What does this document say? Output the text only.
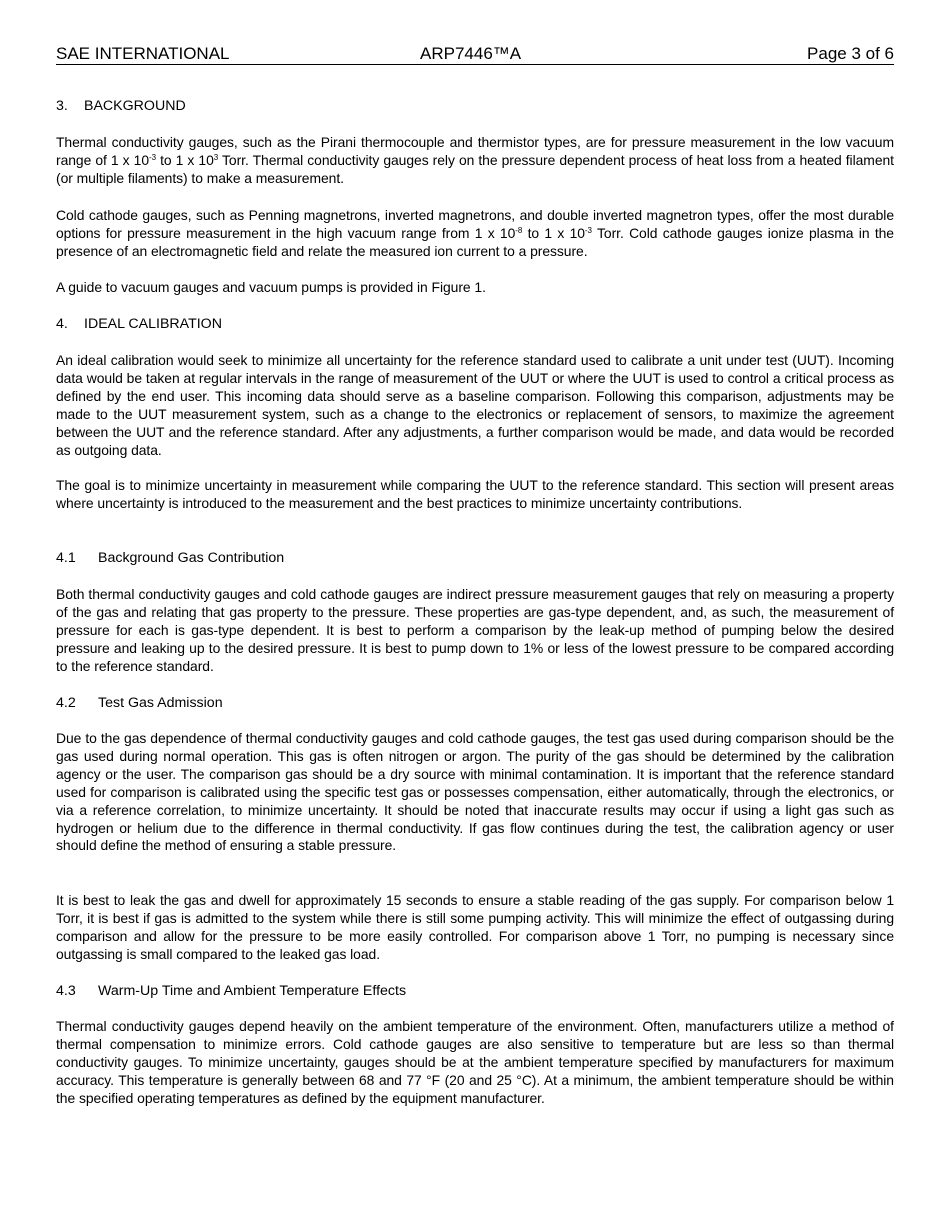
SAE INTERNATIONAL	ARP7446™A	Page 3 of 6
3. BACKGROUND

Thermal conductivity gauges, such as the Pirani thermocouple and thermistor types, are for pressure measurement in the low vacuum range of 1 x $10^{-3}$ to 1 x $10^3$ Torr. Thermal conductivity gauges rely on the pressure dependent process of heat loss from a heated filament (or multiple filaments) to make a measurement.

Cold cathode gauges, such as Penning magnetrons, inverted magnetrons, and double inverted magnetron types, offer the most durable options for pressure measurement in the high vacuum range from 1 x $10^{-8}$ to 1 x $10^{-3}$ Torr. Cold cathode gauges ionize plasma in the presence of an electromagnetic field and relate the measured ion current to a pressure.

A guide to vacuum gauges and vacuum pumps is provided in Figure 1.

4. IDEAL CALIBRATION

An ideal calibration would seek to minimize all uncertainty for the reference standard used to calibrate a unit under test (UUT). Incoming data would be taken at regular intervals in the range of measurement of the UUT or where the UUT is used to control a critical process as defined by the end user. This incoming data should serve as a baseline comparison. Following this comparison, adjustments may be made to the UUT measurement system, such as a change to the electronics or replacement of sensors, to maximize the agreement between the UUT and the reference standard. After any adjustments, a further comparison would be made, and data would be recorded as outgoing data.

The goal is to minimize uncertainty in measurement while comparing the UUT to the reference standard. This section will present areas where uncertainty is introduced to the measurement and the best practices to minimize uncertainty contributions.

4.1 Background Gas Contribution

Both thermal conductivity gauges and cold cathode gauges are indirect pressure measurement gauges that rely on measuring a property of the gas and relating that gas property to the pressure. These properties are gas-type dependent, and, as such, the measurement of pressure for each is gas-type dependent. It is best to perform a comparison by the leak-up method of pumping below the desired pressure and leaking up to the desired pressure. It is best to pump down to 1% or less of the lowest pressure to be compared according to the reference standard.

4.2 Test Gas Admission

Due to the gas dependence of thermal conductivity gauges and cold cathode gauges, the test gas used during comparison should be the gas used during normal operation. This gas is often nitrogen or argon. The purity of the gas should be determined by the calibration agency or the user. The comparison gas should be a dry source with minimal contamination. It is important that the reference standard used for comparison is calibrated using the specific test gas or possesses compensation, either automatically, through the electronics, or via a reference correlation, to minimize uncertainty. It should be noted that inaccurate results may occur if using a light gas such as hydrogen or helium due to the difference in thermal conductivity. If gas flow continues during the test, the calibration agency or user should define the method of ensuring a stable pressure.

It is best to leak the gas and dwell for approximately 15 seconds to ensure a stable reading of the gas supply. For comparison below 1 Torr, it is best if gas is admitted to the system while there is still some pumping activity. This will minimize the effect of outgassing during comparison and allow for the pressure to be more easily controlled. For comparison above 1 Torr, no pumping is necessary since outgassing is small compared to the leaked gas load.

4.3 Warm-Up Time and Ambient Temperature Effects

Thermal conductivity gauges depend heavily on the ambient temperature of the environment. Often, manufacturers utilize a method of thermal compensation to minimize errors. Cold cathode gauges are also sensitive to temperature but are less so than thermal conductivity gauges. To minimize uncertainty, gauges should be at the ambient temperature specified by manufacturers for maximum accuracy. This temperature is generally between 68 and 77 °F (20 and 25 °C). At a minimum, the ambient temperature should be within the specified operating temperatures as defined by the equipment manufacturer.
